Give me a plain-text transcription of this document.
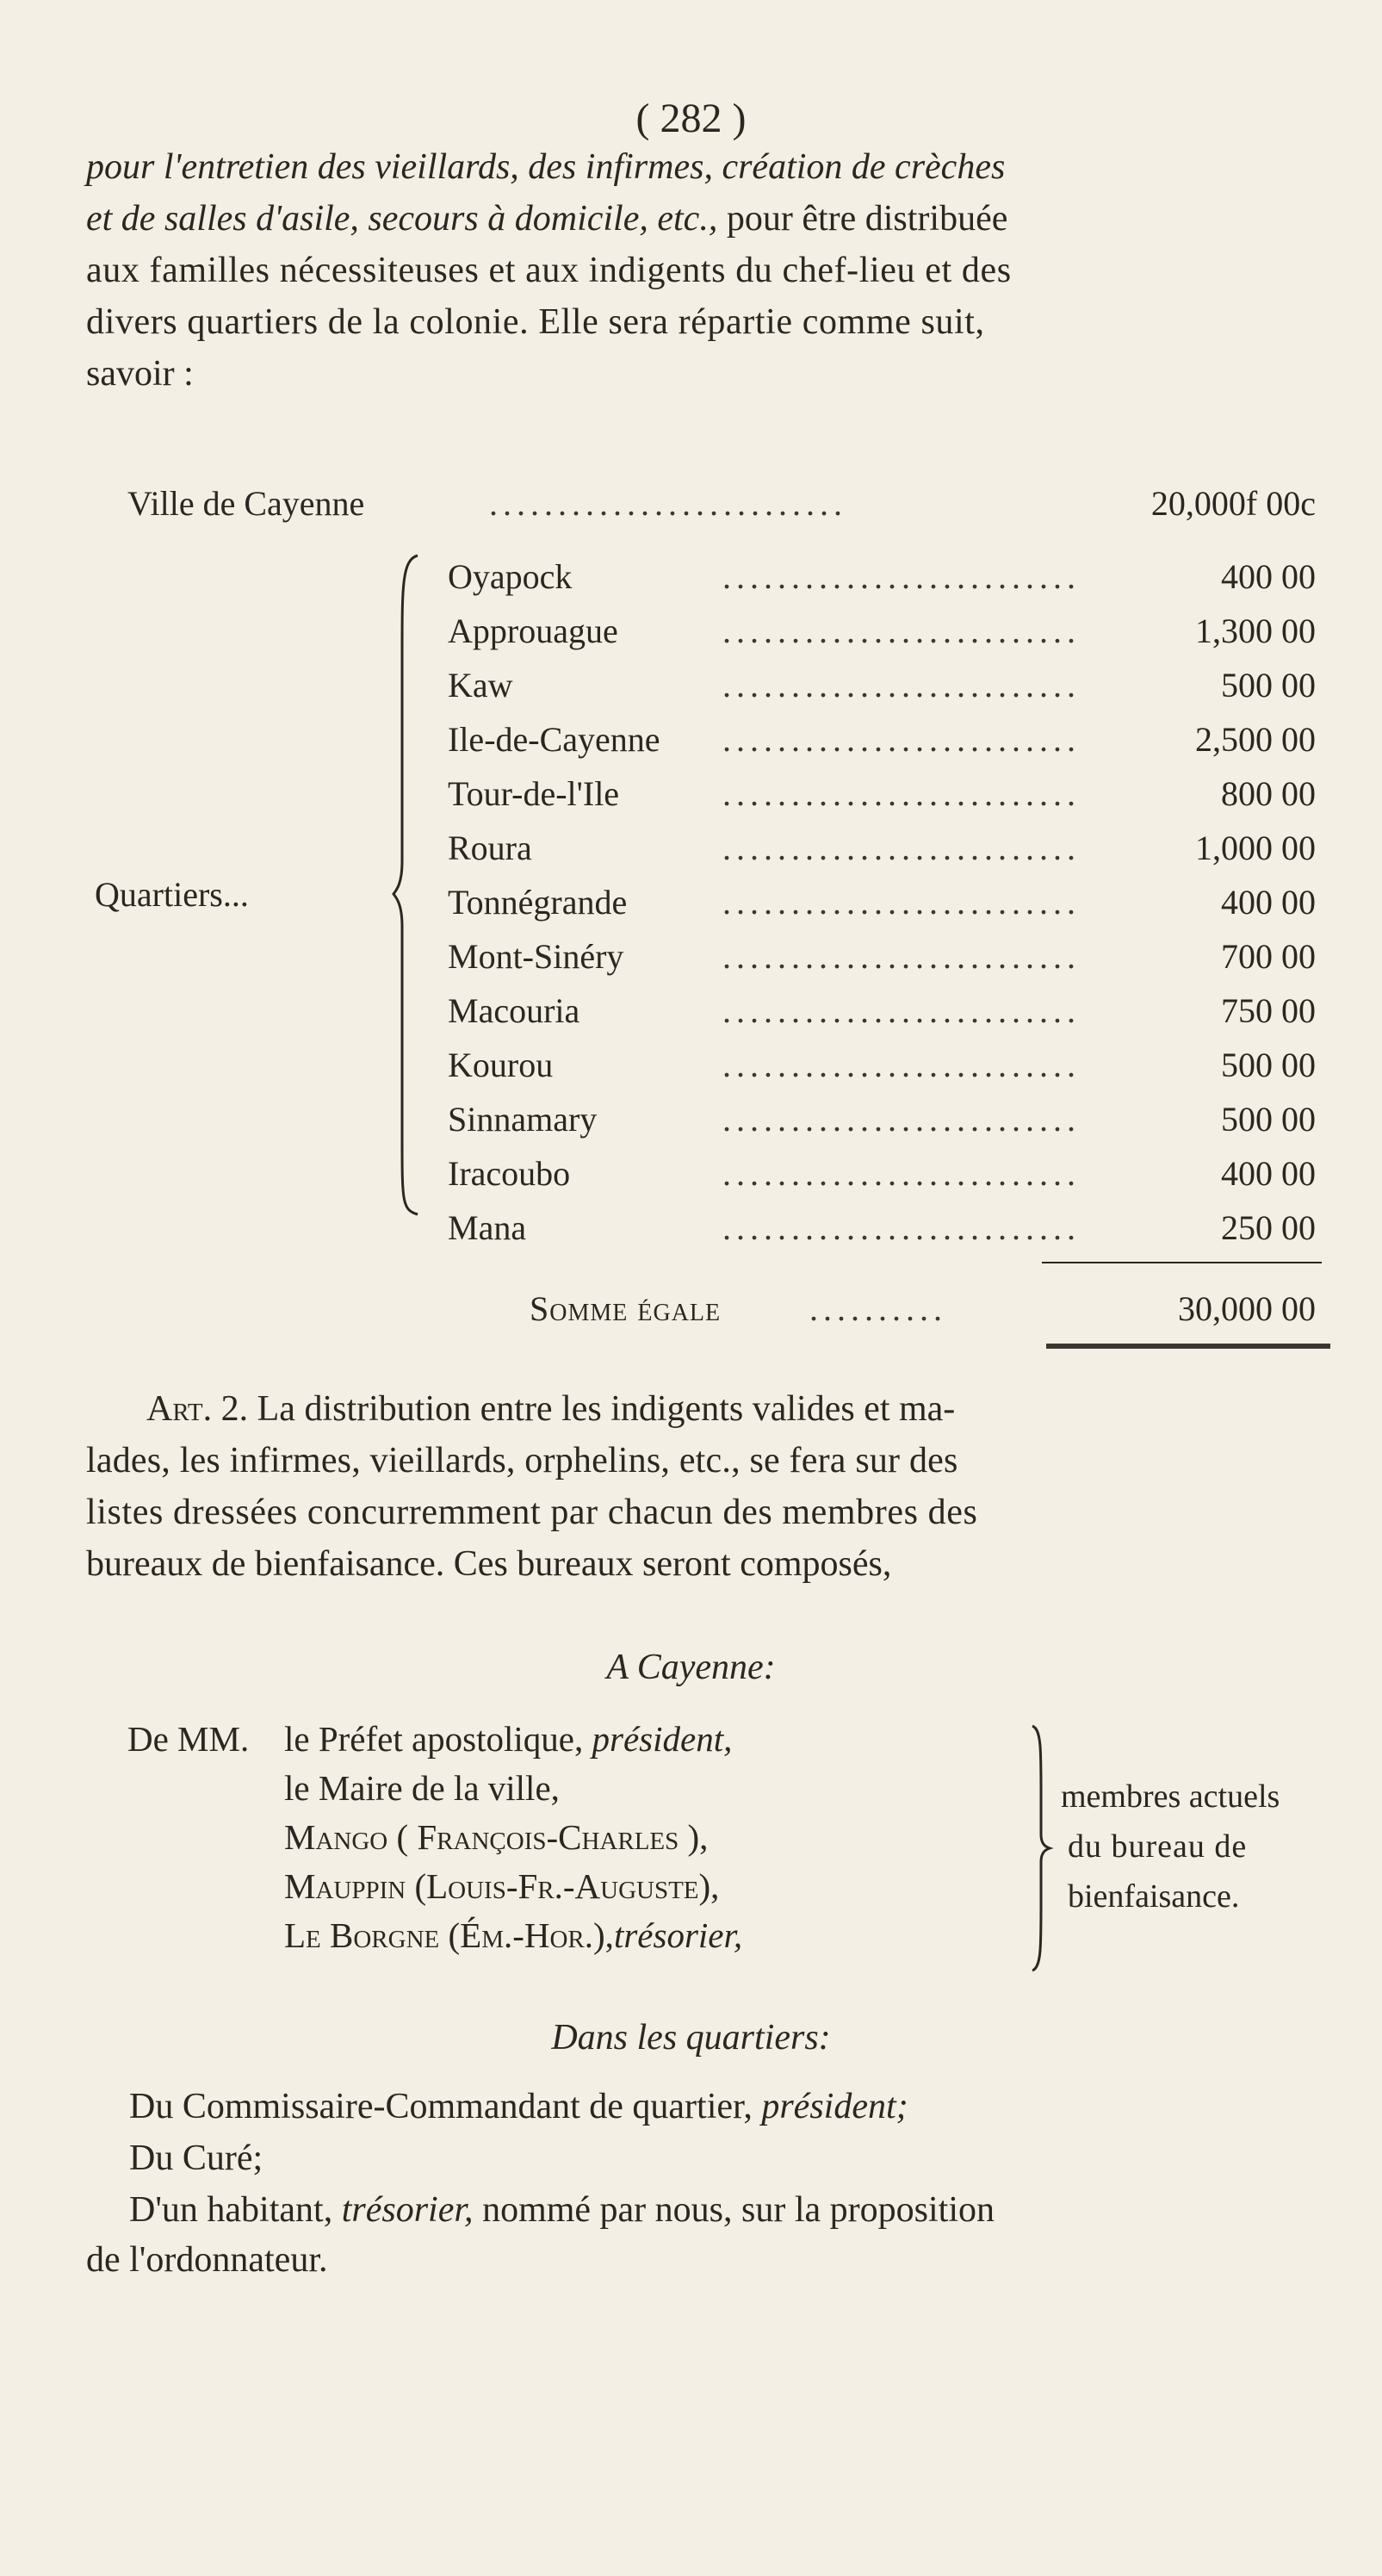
( 282 )
pour l'entretien des vieillards, des infirmes, création de crèches
et de salles d'asile, secours à domicile, etc., pour être distribuée
aux familles nécessiteuses et aux indigents du chef-lieu et des
divers quartiers de la colonie. Elle sera répartie comme suit,
savoir :
Ville de Cayenne	..........................	20,000f 00c
Quartiers...
..........................
Oyapock	400 00
..........................
Approuague	1,300 00
..........................
Kaw	500 00
..........................
Ile-de-Cayenne	2,500 00
..........................
Tour-de-l'Ile	800 00
..........................
Roura	1,000 00
..........................
Tonnégrande	400 00
..........................
Mont-Sinéry	700 00
..........................
Macouria	750 00
..........................
Kourou	500 00
..........................
Sinnamary	500 00
..........................
Iracoubo	400 00
..........................
Mana	250 00
Somme égale	..........	30,000 00
Art. 2. La distribution entre les indigents valides et ma-
lades, les infirmes, vieillards, orphelins, etc., se fera sur des
listes dressées concurremment par chacun des membres des
bureaux de bienfaisance. Ces bureaux seront composés,
A Cayenne:
De MM. le Préfet apostolique, président,
le Maire de la ville,
Mango ( François-Charles ),
Mauppin (Louis-Fr.-Auguste),
Le Borgne (Ém.-Hor.),trésorier,
membres actuels
du bureau de
bienfaisance.
Dans les quartiers:
Du Commissaire-Commandant de quartier, président;
Du Curé;
D'un habitant, trésorier, nommé par nous, sur la proposition
de l'ordonnateur.
